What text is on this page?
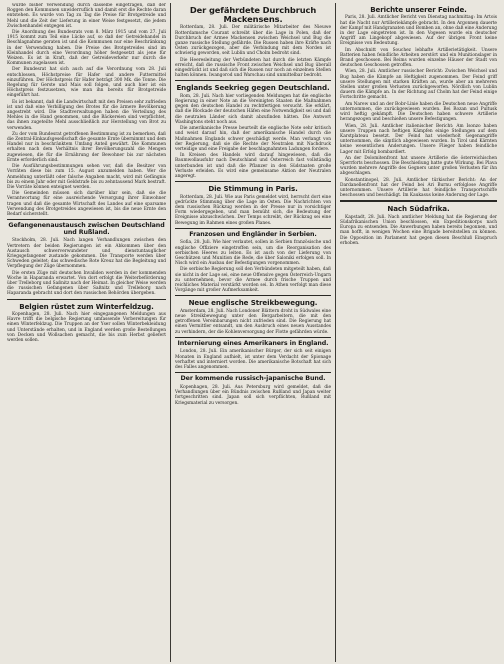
wurde bisher Verwendung durch dasselbe eingetragen, daß der Roggen den Kommunen unwiderruflich und damit erst die Rechte daran entstehen. Es wurde von Tag zu Tag die Preise für Brotgetreide und Mehl und die Zeit der Lieferung in einer Weise festgesetzt, die jedem Zwischenhandel entgegen ist.

Die Anordnung des Bundesrats vom 8. März 1915 und vom 27. Juli 1915 kommt zum Teil eine Lücke auf, so daß der Getreidehandel in Beschlagnahme geraten ist und die Kommunen nur eine Beschränkung in der Verwendung haben. Die Preise des Brotgetreides sind im Kleinhandel durch eine Verordnung höher festgesetzt als jene für Weizen. Es ist in Kraft, daß der Getreideverkehr nur durch die Kommunen zugelassen ist.

Der Bundesrat hat sich auch auf die Verordnung vom 28. Juli entschlossen, Höchstpreise für Hafer und andere Futtermittel einzuführen. Der Höchstpreis für Hafer beträgt 300 Mk. die Tonne. Die Regelung für Gerste und Mais soll folgen, und auch hier ist ein Höchstpreis festzusetzen, wie man ihn bereits für Brotgetreide eingeführt hat.

Es ist bekannt, daß die Landwirtschaft mit den Preisen sehr zufrieden ist und daß eine Verbilligung des Brotes für die ärmere Bevölkerung angestrebt wird. Die Stadtverwaltungen haben die Verteilung des Mehles in die Hand genommen, und die Bäckereien sind verpflichtet, das ihnen zugeteilte Mehl ausschließlich zur Herstellung von Brot zu verwenden.

Zu der vom Bundesrat getroffenen Bestimmung ist zu bemerken, daß die Zentral-Einkaufsgesellschaft die gesamte Ernte übernimmt und dem Handel nur in beschränktem Umfang Anteil gewährt. Die Kommunen erhalten nach dem Verhältnis ihrer Bevölkerungszahl die Mengen zugewiesen, die für die Ernährung der Bewohner bis zur nächsten Ernte erforderlich sind.

Die Ausführungsbestimmungen sehen vor, daß die Besitzer von Vorräten diese bis zum 15. August anzumelden haben. Wer die Anmeldung unterläßt oder falsche Angaben macht, wird mit Gefängnis bis zu einem Jahr oder mit Geldstrafe bis zu zehntausend Mark bestraft. Die Vorräte können enteignet werden.

Die Gemeinden müssen sich darüber klar sein, daß sie die Verantwortung für eine ausreichende Versorgung ihrer Einwohner tragen und daß die gesamte Wirtschaft des Landes auf eine sparsame Verwendung des Brotgetreides angewiesen ist, bis die neue Ernte den Bedarf sicherstellt.

Gefangenenaustausch zwischen Deutschland und Rußland.

Stockholm, 28. Juli. Nach langen Verhandlungen zwischen den Vertretern der beiden Regierungen ist ein Abkommen über den Austausch schwerverwundeter und dienstuntauglicher Kriegsgefangener zustande gekommen. Die Transporte werden über Schweden geleitet; das schwedische Rote Kreuz hat die Begleitung und Verpflegung der Züge übernommen.

Die ersten Züge mit deutschen Invaliden werden in der kommenden Woche in Haparanda erwartet. Von dort erfolgt die Weiterbeförderung über Trelleborg und Saßnitz nach der Heimat. In gleicher Weise werden die russischen Gefangenen über Saßnitz und Trelleborg nach Haparanda gebracht und dort den russischen Behörden übergeben.

Belgien rüstet zum Winterfeldzug.

Kopenhagen, 28. Juli. Nach hier eingegangenen Meldungen aus Havre trifft die belgische Regierung umfassende Vorbereitungen für einen Winterfeldzug. Die Truppen an der Yser sollen Winterbekleidung und Unterstände erhalten, und in England werden große Bestellungen von Decken und Wollsachen gemacht, die bis zum Herbst geliefert werden sollen.

Der gefährdete Durchbruch Mackensens.

Rotterdam, 28. Juli. Der militärische Mitarbeiter des Nieuwe Rotterdamsche Courant schreibt über die Lage in Polen, daß der Durchbruch der Armee Mackensen zwischen Weichsel und Bug die ganze russische Stellung gefährde. Die Russen haben ihre Kräfte nach Osten zurückgezogen, aber die Verbindung mit dem Norden ist schwierig geworden, seit Lublin und Cholm bedroht sind.

Die Heeresleitung der Verbündeten hat durch die letzten Kämpfe erreicht, daß die russische Front zwischen Weichsel und Bug überall eingedrückt ist und daß sich die Russen nur noch an einzelnen Stellen halten können. Iwangorod und Warschau sind unmittelbar bedroht.

Englands Seekrieg gegen Deutschland.

Rom, 28. Juli. Nach hier vorliegenden Meldungen hat die englische Regierung in einer Note an die Vereinigten Staaten die Maßnahmen gegen den deutschen Handel zu rechtfertigen versucht. Sie erklärt, daß die Blockade der deutschen Häfen eine Notwendigkeit sei und daß die neutralen Länder sich damit abzufinden hätten. Die Antwort Washingtons steht noch aus.

Die amerikanische Presse beurteilt die englische Note sehr kritisch und weist darauf hin, daß der amerikanische Handel durch die Maßnahmen Englands schwer geschädigt werde. Man verlangt von der Regierung, daß sie die Rechte der Neutralen mit Nachdruck verteidige und eine Freigabe der beschlagnahmten Ladungen fordere.

In Kreisen des Handels wird darauf hingewiesen, daß die Baumwollausfuhr nach Deutschland und Österreich fast vollständig unterbunden ist und daß die Pflanzer in den Südstaaten große Verluste erleiden. Es wird eine gemeinsame Aktion der Neutralen angeregt.

Die Stimmung in Paris.

Rotterdam, 28. Juli. Wie aus Paris gemeldet wird, herrscht dort eine gedrückte Stimmung über die Lage im Osten. Die Nachrichten von dem russischen Rückzug werden in der Presse nur in vorsichtiger Form wiedergegeben, und man bemüht sich, die Bedeutung der Ereignisse abzuschwächen. Der Temps schreibt, der Rückzug sei eine Bewegung im Rahmen eines großen Planes.

Franzosen und Engländer in Serbien.

Sofia, 28. Juli. Wie hier verlautet, sollen in Serbien französische und englische Offiziere eingetroffen sein, um die Reorganisation des serbischen Heeres zu leiten. Es ist auch von der Lieferung von Geschützen und Munition die Rede, die über Saloniki erfolgen soll. In Nisch wird ein Ausbau der Befestigungen vorgenommen.

Die serbische Regierung soll den Verbündeten mitgeteilt haben, daß sie nicht in der Lage sei, eine neue Offensive gegen Österreich-Ungarn zu unternehmen, bevor die Armee durch frische Truppen und reichliches Material verstärkt worden sei. In Athen verfolgt man diese Vorgänge mit großer Aufmerksamkeit.

Neue englische Streikbewegung.

Amsterdam, 28. Juli. Nach Londoner Blättern droht in Südwales eine neue Streikbewegung unter den Bergarbeitern, die mit den getroffenen Vereinbarungen nicht zufrieden sind. Die Regierung hat einen Vermittler entsandt, um den Ausbruch eines neuen Ausstandes zu verhindern, der die Kohlenversorgung der Flotte gefährden würde.

Internierung eines Amerikaners in England.

London, 28. Juli. Ein amerikanischer Bürger, der sich seit einigen Monaten in England aufhielt, ist unter dem Verdacht der Spionage verhaftet und interniert worden. Die amerikanische Botschaft hat sich des Falles angenommen.

Der kommende russisch-japanische Bund.

Kopenhagen, 28. Juli. Aus Petersburg wird gemeldet, daß die Verhandlungen über ein Bündnis zwischen Rußland und Japan weiter fortgeschritten sind. Japan soll sich verpflichten, Rußland mit Kriegsmaterial zu versorgen.

Berichte unserer Feinde.

Paris, 28. Juli. Amtlicher Bericht von Dienstag nachmittag: Im Artois hat die Nacht nur Artilleriekämpfe gebracht. In den Argonnen dauerte der Kampf mit Handgranaten und Bomben an, ohne daß eine Änderung in der Lage eingetreten ist. In den Vogesen wurde ein deutscher Angriff am Lingekopf abgewiesen. Auf der übrigen Front keine Ereignisse von Bedeutung.

Im Abschnitt von Souchez lebhafte Artillerietätigkeit. Unsere Batterien haben feindliche Arbeiten zerstört und ein Munitionslager in Brand geschossen. Bei Reims wurden einzelne Häuser der Stadt von deutschen Geschossen getroffen.

Wien, 28. Juli. Amtlicher russischer Bericht: Zwischen Weichsel und Bug haben die Kämpfe an Heftigkeit zugenommen. Der Feind griff unsere Stellungen mit starken Kräften an, wurde aber an mehreren Stellen unter großen Verlusten zurückgeworfen. Nördlich von Lublin dauern die Kämpfe an. In der Richtung auf Cholm hat der Feind einige Fortschritte gemacht.

Am Narew und an der Bobr-Linie haben die Deutschen neue Angriffe unternommen, die zurückgewiesen wurden. Bei Rozan und Pultusk wird heftig gekämpft. Die Deutschen haben schwere Artillerie herangezogen und beschießen unsere Befestigungen.

Wien, 28. Juli. Amtlicher italienischer Bericht: Am Isonzo haben unsere Truppen nach heftigen Kämpfen einige Stellungen auf dem Karstplateau besetzt. Der Feind hat wiederholt Gegenangriffe unternommen, die sämtlich abgewiesen wurden. In Tirol und Kärnten keine wesentlichen Änderungen. Unsere Flieger haben feindliche Lager mit Erfolg bombardiert.

An der Dolomitenfront hat unsere Artillerie die österreichischen Sperrforts beschossen. Die Beschießung hatte gute Wirkung. Bei Plava wurden mehrere Angriffe des Gegners unter großen Verlusten für ihn abgeschlagen.

Konstantinopel, 28. Juli. Amtlicher türkischer Bericht: An der Dardanellenfront hat der Feind bei Ari Burnu erfolglose Angriffe unternommen. Unsere Artillerie hat feindliche Transportschiffe beschossen und beschädigt. Im Kaukasus keine Änderung der Lage.

Nach Südafrika.

Kapstadt, 28. Juli. Nach amtlicher Meldung hat die Regierung der Südafrikanischen Union beschlossen, ein Expeditionskorps nach Europa zu entsenden. Die Anwerbungen haben bereits begonnen, und man hofft, in wenigen Wochen eine Brigade bereitstellen zu können. Die Opposition im Parlament hat gegen diesen Beschluß Einspruch erhoben.
